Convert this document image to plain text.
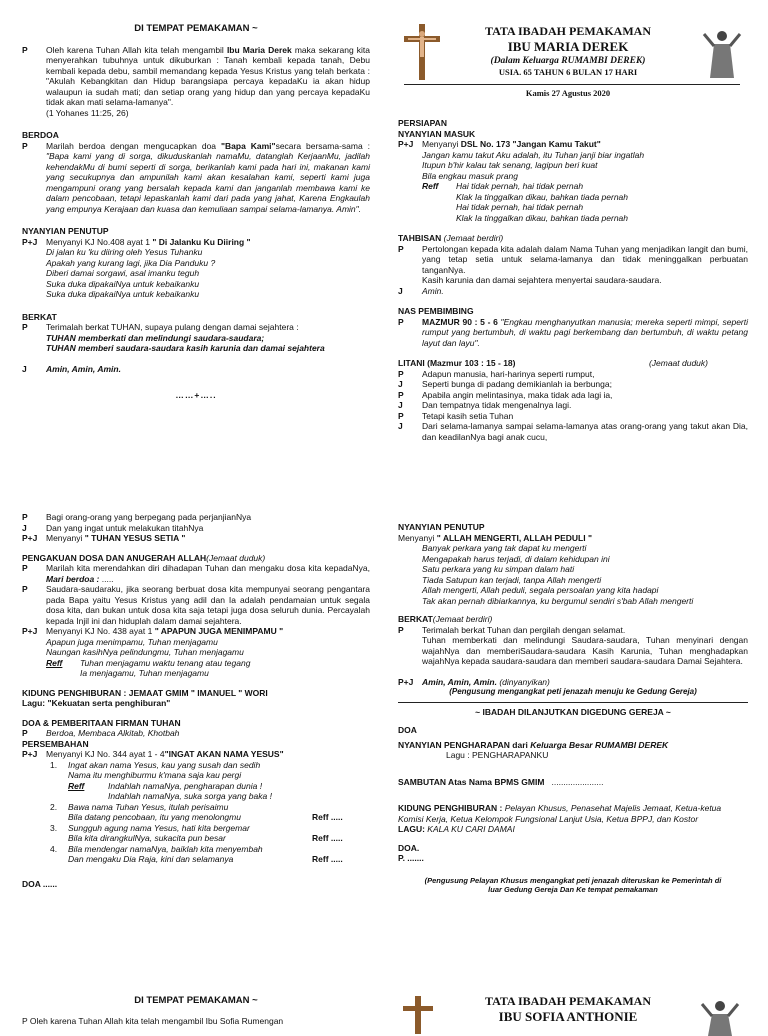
DI TEMPAT PEMAKAMAN ~
P	Oleh karena Tuhan Allah kita telah mengambil Ibu Maria Derek maka sekarang kita menyerahkan tubuhnya untuk dikuburkan : Tanah kembali kepada tanah, Debu kembali kepada debu, sambil memandang kepada Yesus Kristus yang telah berkata : "Akulah Kebangkitan dan Hidup barangsiapa percaya kepadaKu ia akan hidup walaupun ia sudah mati; dan setiap orang yang hidup dan yang percaya kepadaKu tidak akan mati selama-lamanya".
(1 Yohanes 11:25, 26)
BERDOA
P	Marilah berdoa dengan mengucapkan doa "Bapa Kami"secara bersama-sama : "Bapa kami yang di sorga, dikuduskanlah namaMu, datanglah KerjaanMu, jadilah kehendakMu di bumi seperti di sorga, berikanlah kami pada hari ini, makanan kami yang secukupnya dan ampunilah kami akan kesalahan kami, seperti kami juga mengampuni orang yang bersalah kepada kami dan janganlah membawa kami ke dalam pencobaan, tetapi lepaskanlah kami dari pada yang jahat, Karena Engkaulah yang empunya Kerajaan dan kuasa dan kemuliaan sampai selama-lamanya. Amin".
NYANYIAN PENUTUP
P+J	Menyanyi KJ No.408 ayat 1 " Di Jalanku Ku Diiring "
Di jalan ku 'ku diiring oleh Yesus Tuhanku
Apakah yang kurang lagi, jika Dia Panduku ?
Diberi damai sorgawi, asal imanku teguh
Suka duka dipakaiNya untuk kebaikanku
Suka duka dipakaiNya untuk kebaikanku
BERKAT
P	Terimalah berkat TUHAN, supaya pulang dengan damai sejahtera :
TUHAN memberkati dan melindungi saudara-saudara;
TUHAN memberi saudara-saudara kasih karunia dan damai sejahtera
J	Amin, Amin, Amin.
……+…..
TATA IBADAH PEMAKAMAN
IBU MARIA DEREK
(Dalam Keluarga RUMAMBI DEREK)
USIA. 65 TAHUN 6 BULAN 17 HARI
Kamis 27 Agustus 2020
PERSIAPAN
NYANYIAN MASUK
P+J	Menyanyi DSL No. 173 "Jangan Kamu Takut"
Jangan kamu takut Aku adalah, itu Tuhan janji biar ingatlah
Itupun b'hir kalau tak senang, lagipun beri kuat
Bila engkau masuk prang
Reff	Hai tidak pernah, hai tidak pernah
Klak Ia tinggalkan dikau, bahkan tiada pernah
Hai tidak pernah, hai tidak pernah
Klak Ia tinggalkan dikau, bahkan tiada pernah
TAHBISAN (Jemaat berdiri)
P	Pertolongan kepada kita adalah dalam Nama Tuhan yang menjadikan langit dan bumi, yang tetap setia untuk selama-lamanya dan tidak meninggalkan perbuatan tanganNya.
Kasih karunia dan damai sejahtera menyertai saudara-saudara.
J	Amin.
NAS PEMBIMBING
P	MAZMUR 90 : 5 - 6 "Engkau menghanyutkan manusia; mereka seperti mimpi, seperti rumput yang bertumbuh, di waktu pagi berkembang dan bertumbuh, di waktu petang layut dan layu".
LITANI
(Mazmur 103 : 15 - 18)	(Jemaat duduk)
P	Adapun manusia, hari-harinya seperti rumput,
J	Seperti bunga di padang demikianlah ia berbunga;
P	Apabila angin melintasinya, maka tidak ada lagi ia,
J	Dan tempatnya tidak mengenalnya lagi.
P	Tetapi kasih setia Tuhan
J	Dari selama-lamanya sampai selama-lamanya atas orang-orang yang takut akan Dia, dan keadilanNya bagi anak cucu,
P	Bagi orang-orang yang berpegang pada perjanjianNya
J	Dan yang ingat untuk melakukan titahNya
P+J	Menyanyi " TUHAN YESUS SETIA "
PENGAKUAN DOSA DAN ANUGERAH ALLAH(Jemaat duduk)
P	Marilah kita merendahkan diri dihadapan Tuhan dan mengaku dosa kita kepadaNya, Mari berdoa : .....
P	Saudara-saudaraku, jika seorang berbuat dosa kita mempunyai seorang pengantara pada Bapa yaitu Yesus Kristus yang adil dan Ia adalah pendamaian untuk segala dosa kita, dan bukan untuk dosa kita saja tetapi juga dosa seluruh dunia. Percayalah kepada Injil ini dan hiduplah dalam damai sejahtera.
P+J	Menyanyi KJ No. 438 ayat 1 " APAPUN JUGA MENIMPAMU "
Apapun juga menimpamu, Tuhan menjagamu
Naungan kasihNya pelindungmu, Tuhan menjagamu
Reff	Tuhan menjagamu waktu tenang atau tegang
Ia menjagamu, Tuhan menjagamu
KIDUNG PENGHIBURAN : JEMAAT GMIM " IMANUEL " WORI
Lagu: "Kekuatan serta penghiburan"
DOA & PEMBERITAAN FIRMAN TUHAN
P	Berdoa, Membaca Alkitab, Khotbah
PERSEMBAHAN
P+J	Menyanyi KJ No. 344 ayat 1 - 4"INGAT AKAN NAMA YESUS"
1.	Ingat akan nama Yesus, kau yang susah dan sedih
Nama itu menghiburmu k'mana saja kau pergi
Reff	Indahlah namaNya, pengharapan dunia !
Indahlah namaNya, suka sorga yang baka !
2.	Bawa nama Tuhan Yesus, itulah perisaimu
Bila datang pencobaan, itu yang menolongmu	Reff .....
3.	Sungguh agung nama Yesus, hati kita bergemar
Bila kita dirangkulNya, sukacita pun besar	Reff .....
4.	Bila mendengar namaNya, baiklah kita menyembah
Dan mengaku Dia Raja, kini dan selamanya	Reff .....
DOA ......
NYANYIAN PENUTUP
Menyanyi " ALLAH MENGERTI, ALLAH PEDULI "
Banyak perkara yang tak dapat ku mengerti
Mengapakah harus terjadi, di dalam kehidupan ini
Satu perkara yang ku simpan dalam hati
Tiada Satupun kan terjadi, tanpa Allah mengerti
Allah mengerti, Allah peduli, segala persoalan yang kita hadapi
Tak akan pernah dibiarkannya, ku bergumul sendiri s'bab Allah mengerti
BERKAT(Jemaat berdiri)
P	Terimalah berkat Tuhan dan pergilah dengan selamat.
Tuhan memberkati dan melindungi Saudara-saudara, Tuhan menyinari dengan wajahNya dan memberiSaudara-saudara Kasih Karunia, Tuhan menghadapkan wajahNya kepada saudara-saudara dan memberi saudara-saudara Damai Sejahtera.
P+J	Amin, Amin, Amin. (dinyanyikan)
(Pengusung mengangkat peti jenazah menuju ke Gedung Gereja)
~ IBADAH DILANJUTKAN DIGEDUNG GEREJA ~
DOA
NYANYIAN PENGHARAPAN dari Keluarga Besar RUMAMBI DEREK
Lagu : PENGHARAPANKU
SAMBUTAN Atas Nama BPMS GMIM ......................
KIDUNG PENGHIBURAN : Pelayan Khusus, Penasehat Majelis Jemaat, Ketua-ketua Komisi Kerja, Ketua Kelompok Fungsional Lanjut Usia, Ketua BPPJ, dan Kostor
LAGU: KALA KU CARI DAMAI
DOA.
P. .......
(Pengusung Pelayan Khusus mengangkat peti jenazah diteruskan ke Pemerintah di luar Gedung Gereja Dan Ke tempat pemakaman
DI TEMPAT PEMAKAMAN ~
P Oleh karena Tuhan Allah kita telah mengambil Ibu Sofia Rumengan
TATA IBADAH PEMAKAMAN
IBU SOFIA ANTHONIE
